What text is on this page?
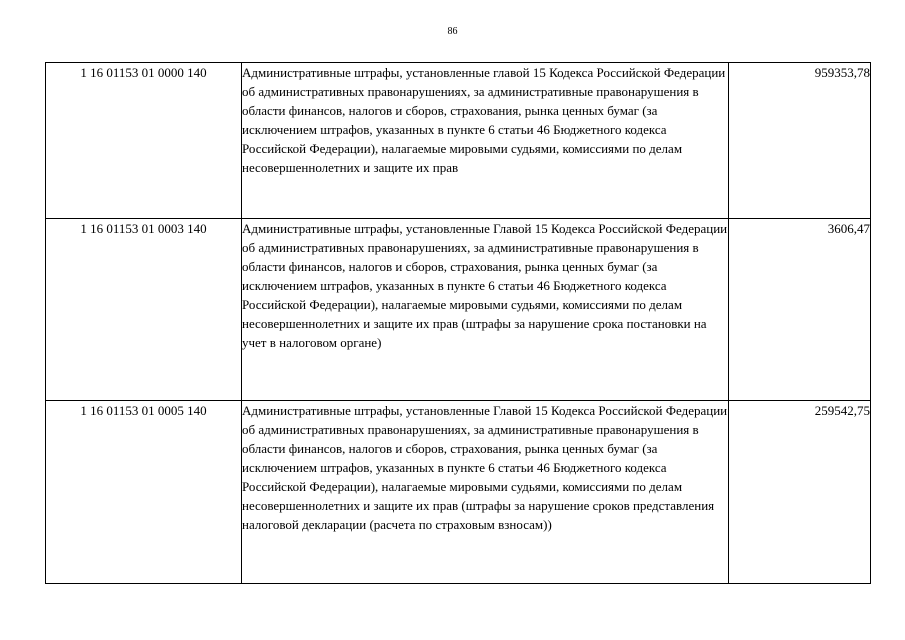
86
1 16 01153 01 0000 140	Административные штрафы, установленные главой 15 Кодекса Российской Федерации об административных правонарушениях, за административные правонарушения в области финансов, налогов и сборов, страхования, рынка ценных бумаг (за исключением штрафов, указанных в пункте 6 статьи 46 Бюджетного кодекса Российской Федерации), налагаемые мировыми судьями, комиссиями по делам несовершеннолетних и защите их прав	959353,78
1 16 01153 01 0003 140	Административные штрафы, установленные Главой 15 Кодекса Российской Федерации об административных правонарушениях, за административные правонарушения в области финансов, налогов и сборов, страхования, рынка ценных бумаг (за исключением штрафов, указанных в пункте 6 статьи 46 Бюджетного кодекса Российской Федерации), налагаемые мировыми судьями, комиссиями по делам несовершеннолетних и защите их прав (штрафы за нарушение срока постановки на учет в налоговом органе)	3606,47
1 16 01153 01 0005 140	Административные штрафы, установленные Главой 15 Кодекса Российской Федерации об административных правонарушениях, за административные правонарушения в области финансов, налогов и сборов, страхования, рынка ценных бумаг (за исключением штрафов, указанных в пункте 6 статьи 46 Бюджетного кодекса Российской Федерации), налагаемые мировыми судьями, комиссиями по делам несовершеннолетних и защите их прав (штрафы за нарушение сроков представления налоговой декларации (расчета по страховым взносам))	259542,75
